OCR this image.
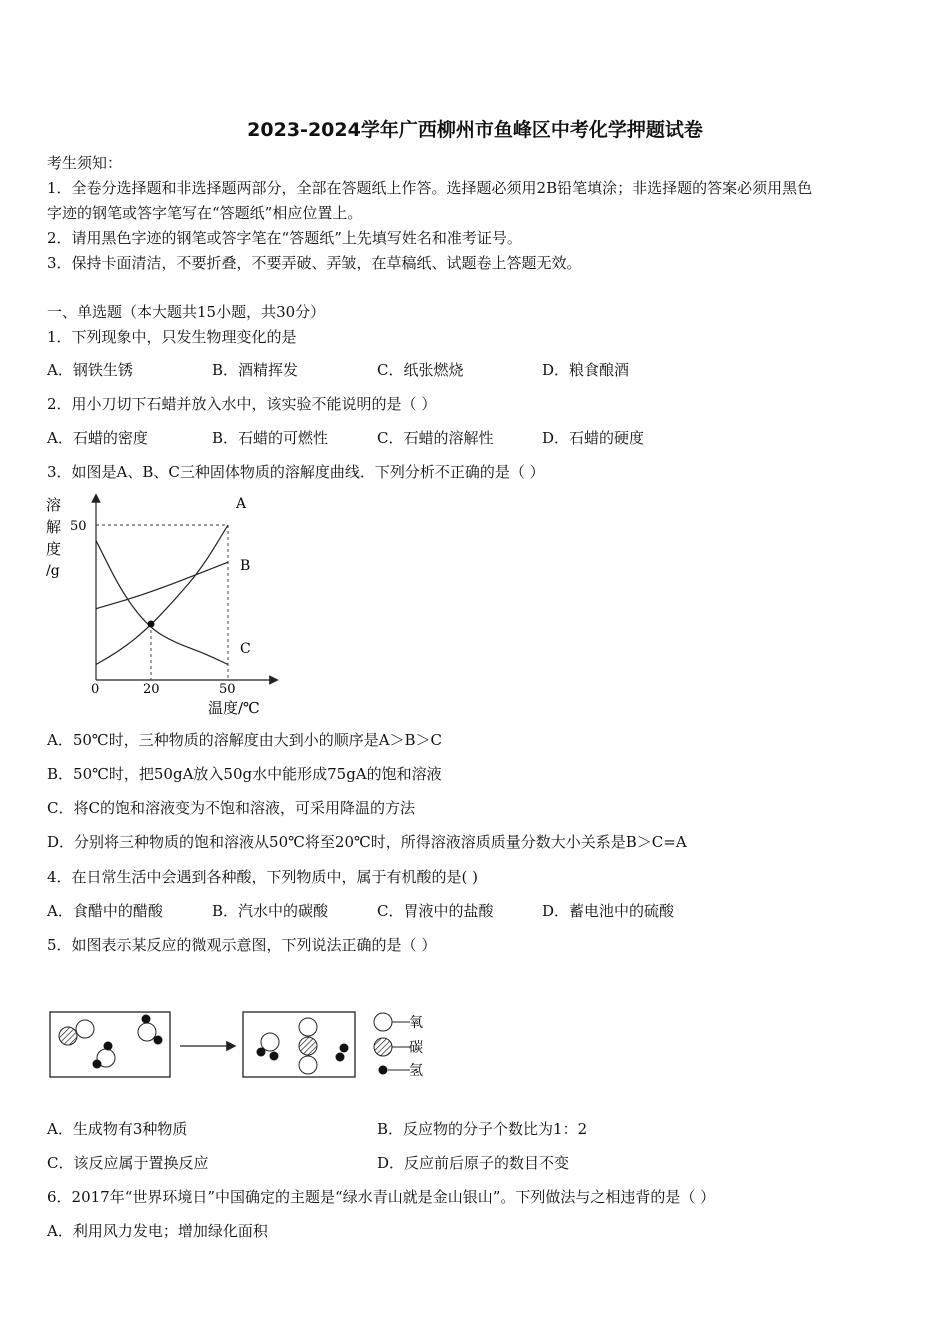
2023-2024学年广西柳州市鱼峰区中考化学押题试卷
考生须知：
1．全卷分选择题和非选择题两部分，全部在答题纸上作答。选择题必须用2B铅笔填涂；非选择题的答案必须用黑色
字迹的钢笔或答字笔写在“答题纸”相应位置上。
2．请用黑色字迹的钢笔或答字笔在“答题纸”上先填写姓名和准考证号。
3．保持卡面清洁，不要折叠，不要弄破、弄皱，在草稿纸、试题卷上答题无效。
一、单选题（本大题共15小题，共30分）
1．下列现象中，只发生物理变化的是
A．钢铁生锈	B．酒精挥发	C．纸张燃烧	D．粮食酿酒
2．用小刀切下石蜡并放入水中，该实验不能说明的是（ ）
A．石蜡的密度	B．石蜡的可燃性	C．石蜡的溶解性	D．石蜡的硬度
3．如图是A、B、C三种固体物质的溶解度曲线．下列分析不正确的是（ ）
溶
解
度
/g
50
0	20	50
温度/℃
A
B
C
A．50℃时，三种物质的溶解度由大到小的顺序是A＞B＞C
B．50℃时，把50gA放入50g水中能形成75gA的饱和溶液
C．将C的饱和溶液变为不饱和溶液，可采用降温的方法
D．分别将三种物质的饱和溶液从50℃将至20℃时，所得溶液溶质质量分数大小关系是B＞C=A
4．在日常生活中会遇到各种酸，下列物质中，属于有机酸的是( )
A．食醋中的醋酸	B．汽水中的碳酸	C．胃液中的盐酸	D．蓄电池中的硫酸
5．如图表示某反应的微观示意图，下列说法正确的是（ ）
氧
碳
氢
A．生成物有3种物质	B．反应物的分子个数比为1：2
C．该反应属于置换反应	D．反应前后原子的数目不变
6．2017年“世界环境日”中国确定的主题是“绿水青山就是金山银山”。下列做法与之相违背的是（ ）
A．利用风力发电；增加绿化面积
